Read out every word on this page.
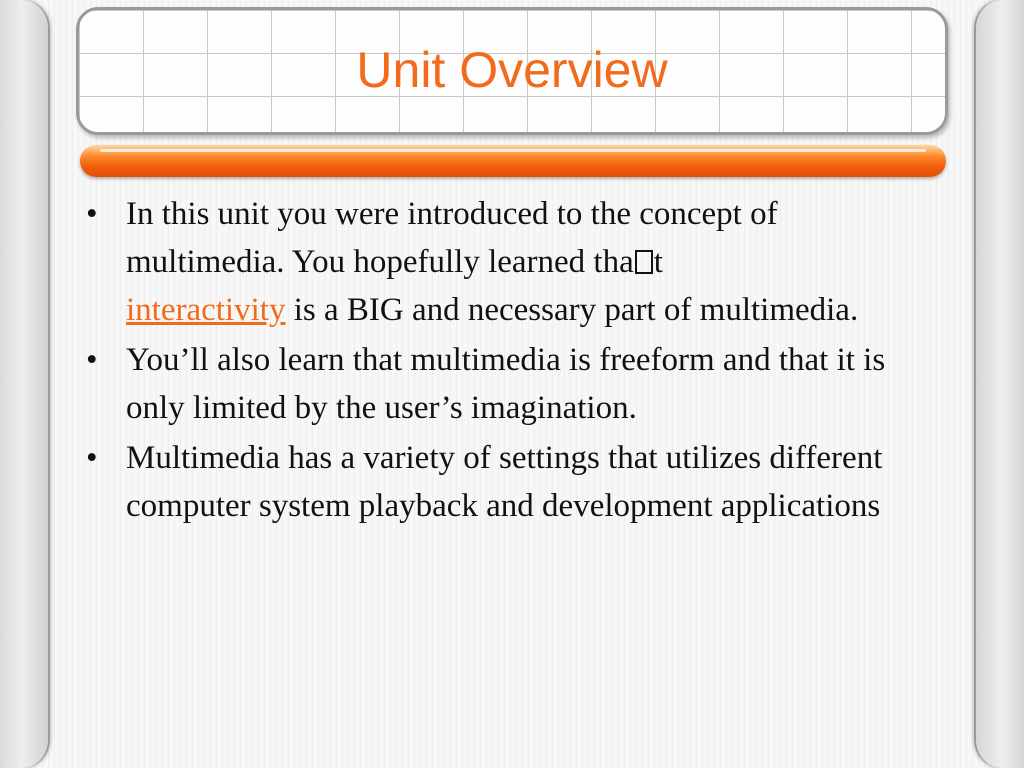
Unit Overview
• In this unit you were introduced to the concept of multimedia. You hopefully learned tha t
interactivity is a BIG and necessary part of multimedia.
• You’ll also learn that multimedia is freeform and that it is only limited by the user’s imagination.
• Multimedia has a variety of settings that utilizes different computer system playback and development applications
